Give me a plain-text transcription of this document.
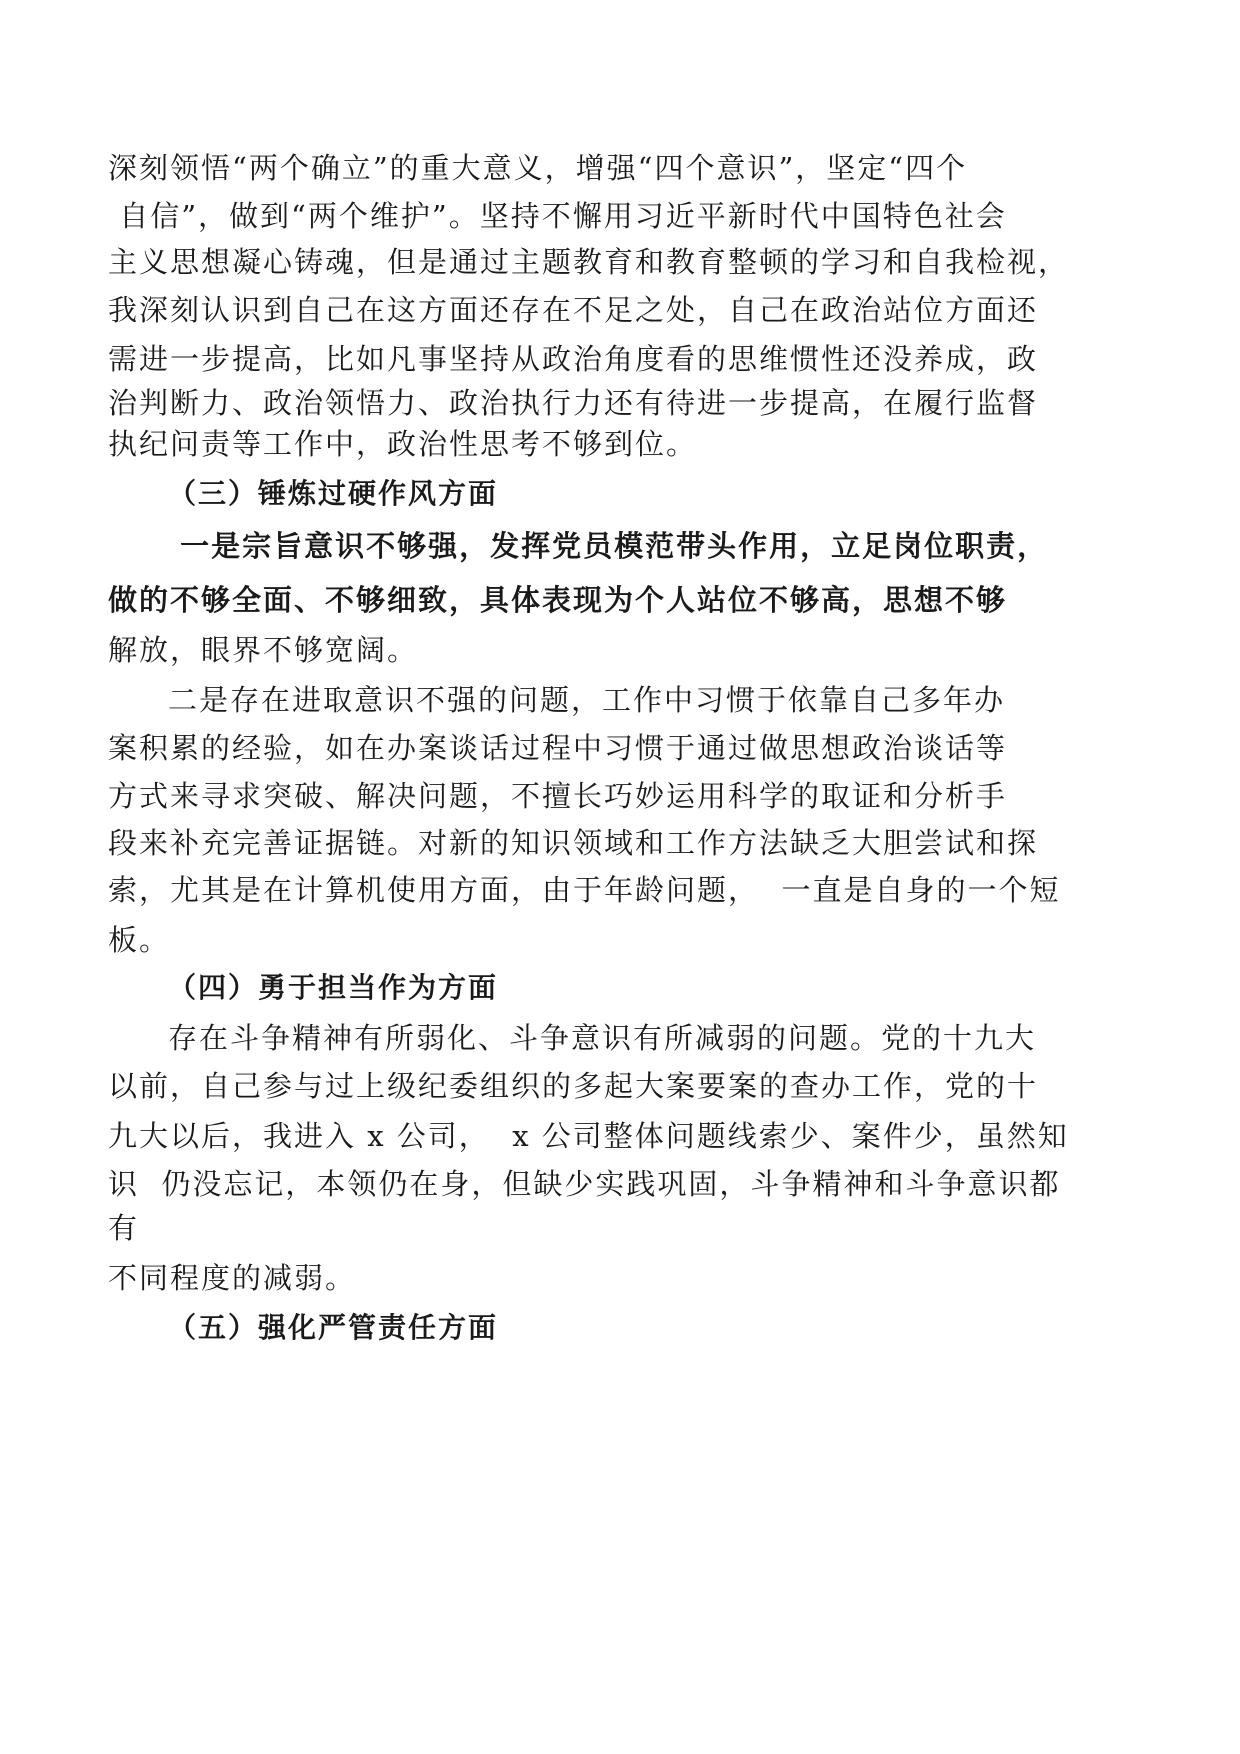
深刻领悟“两个确立”的重大意义，增强“四个意识”，坚定“四个
自信”，做到“两个维护”。坚持不懈用习近平新时代中国特色社会
主义思想凝心铸魂，但是通过主题教育和教育整顿的学习和自我检视，
我深刻认识到自己在这方面还存在不足之处，自己在政治站位方面还
需进一步提高，比如凡事坚持从政治角度看的思维惯性还没养成，政
治判断力、政治领悟力、政治执行力还有待进一步提高，在履行监督
执纪问责等工作中，政治性思考不够到位。
（三）锤炼过硬作风方面
一是宗旨意识不够强，发挥党员模范带头作用，立足岗位职责，
做的不够全面、不够细致，具体表现为个人站位不够高，思想不够
解放，眼界不够宽阔。
二是存在进取意识不强的问题，工作中习惯于依靠自己多年办
案积累的经验，如在办案谈话过程中习惯于通过做思想政治谈话等
方式来寻求突破、解决问题，不擅长巧妙运用科学的取证和分析手
段来补充完善证据链。对新的知识领域和工作方法缺乏大胆尝试和探
索，尤其是在计算机使用方面，由于年龄问题，  一直是自身的一个短
板。
（四）勇于担当作为方面
存在斗争精神有所弱化、斗争意识有所减弱的问题。党的十九大
以前，自己参与过上级纪委组织的多起大案要案的查办工作，党的十
九大以后，我进入 x 公司，  x 公司整体问题线索少、案件少，虽然知
识  仍没忘记，本领仍在身，但缺少实践巩固，斗争精神和斗争意识都
有
不同程度的减弱。
（五）强化严管责任方面
